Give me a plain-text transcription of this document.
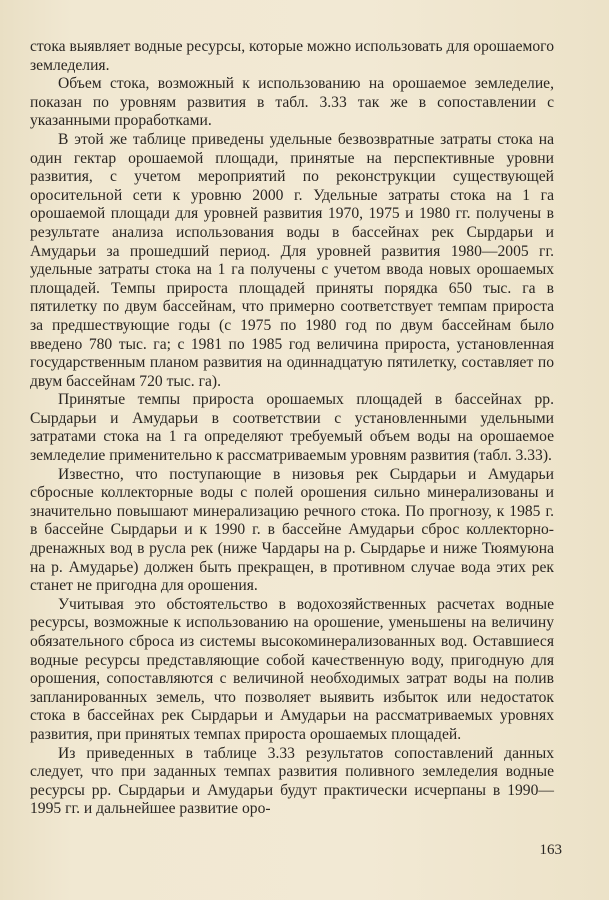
стока выявляет водные ресурсы, которые можно использовать для орошаемого земледелия.

Объем стока, возможный к использованию на орошаемое земледелие, показан по уровням развития в табл. 3.33 так же в сопоставлении с указанными проработками.

В этой же таблице приведены удельные безвозвратные затраты стока на один гектар орошаемой площади, принятые на перспективные уровни развития, с учетом мероприятий по реконструкции существующей оросительной сети к уровню 2000 г. Удельные затраты стока на 1 га орошаемой площади для уровней развития 1970, 1975 и 1980 гг. получены в результате анализа использования воды в бассейнах рек Сырдарьи и Амударьи за прошедший период. Для уровней развития 1980—2005 гг. удельные затраты стока на 1 га получены с учетом ввода новых орошаемых площадей. Темпы прироста площадей приняты порядка 650 тыс. га в пятилетку по двум бассейнам, что примерно соответствует темпам прироста за предшествующие годы (с 1975 по 1980 год по двум бассейнам было введено 780 тыс. га; с 1981 по 1985 год величина прироста, установленная государственным планом развития на одиннадцатую пятилетку, составляет по двум бассейнам 720 тыс. га).

Принятые темпы прироста орошаемых площадей в бассейнах рр. Сырдарьи и Амударьи в соответствии с установленными удельными затратами стока на 1 га определяют требуемый объем воды на орошаемое земледелие применительно к рассматриваемым уровням развития (табл. 3.33).

Известно, что поступающие в низовья рек Сырдарьи и Амударьи сбросные коллекторные воды с полей орошения сильно минерализованы и значительно повышают минерализацию речного стока. По прогнозу, к 1985 г. в бассейне Сырдарьи и к 1990 г. в бассейне Амударьи сброс коллекторно-дренажных вод в русла рек (ниже Чардары на р. Сырдарье и ниже Тюямуюна на р. Амударье) должен быть прекращен, в противном случае вода этих рек станет не пригодна для орошения.

Учитывая это обстоятельство в водохозяйственных расчетах водные ресурсы, возможные к использованию на орошение, уменьшены на величину обязательного сброса из системы высокоминерализованных вод. Оставшиеся водные ресурсы представляющие собой качественную воду, пригодную для орошения, сопоставляются с величиной необходимых затрат воды на полив запланированных земель, что позволяет выявить избыток или недостаток стока в бассейнах рек Сырдарьи и Амударьи на рассматриваемых уровнях развития, при принятых темпах прироста орошаемых площадей.

Из приведенных в таблице 3.33 результатов сопоставлений данных следует, что при заданных темпах развития поливного земледелия водные ресурсы рр. Сырдарьи и Амударьи будут практически исчерпаны в 1990—1995 гг. и дальнейшее развитие оро-

163
